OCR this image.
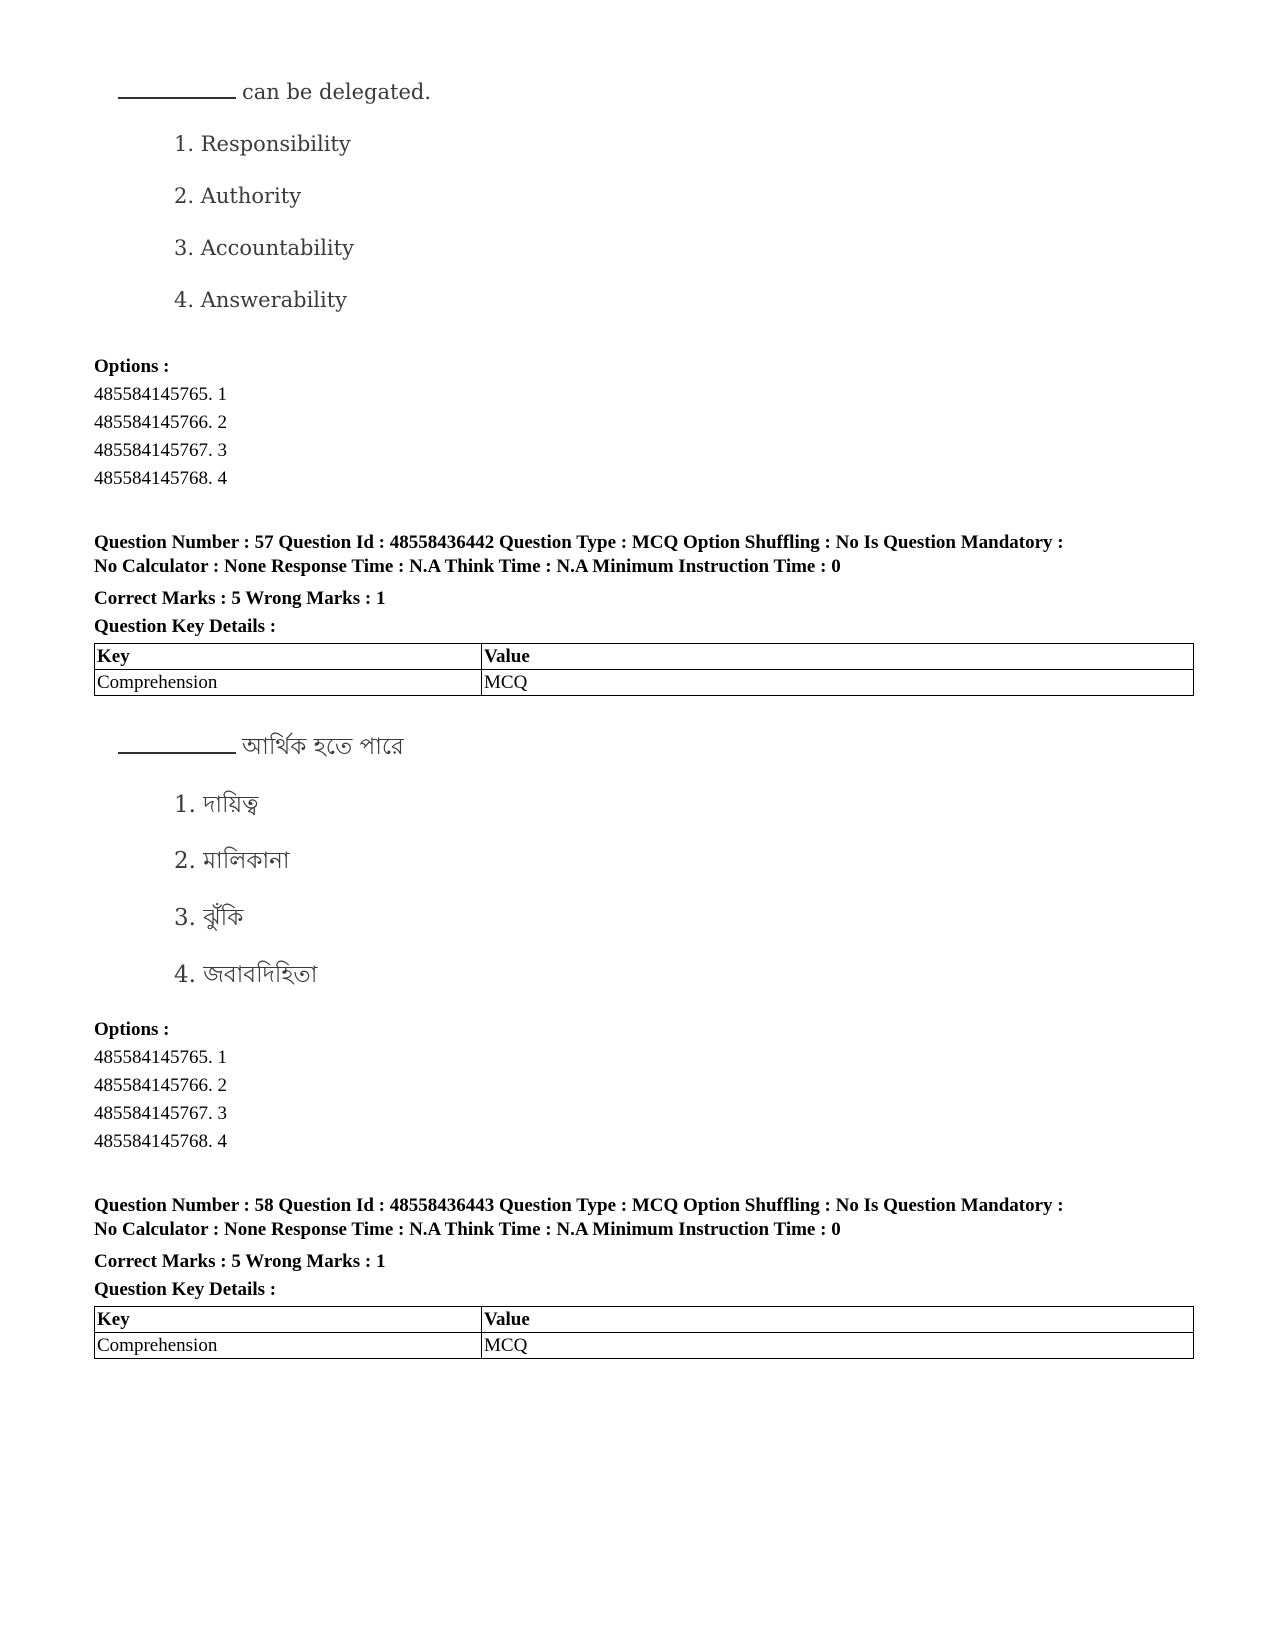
can be delegated.
1. Responsibility
2. Authority
3. Accountability
4. Answerability
Options :
485584145765. 1
485584145766. 2
485584145767. 3
485584145768. 4
Question Number : 57 Question Id : 48558436442 Question Type : MCQ Option Shuffling : No Is Question Mandatory :
No Calculator : None Response Time : N.A Think Time : N.A Minimum Instruction Time : 0
Correct Marks : 5 Wrong Marks : 1
Question Key Details :
Key	Value
Comprehension	MCQ
আর্থিক হতে পারে
1. দায়িত্ব
2. মালিকানা
3. ঝুঁকি
4. জবাবদিহিতা
Options :
485584145765. 1
485584145766. 2
485584145767. 3
485584145768. 4
Question Number : 58 Question Id : 48558436443 Question Type : MCQ Option Shuffling : No Is Question Mandatory :
No Calculator : None Response Time : N.A Think Time : N.A Minimum Instruction Time : 0
Correct Marks : 5 Wrong Marks : 1
Question Key Details :
Key	Value
Comprehension	MCQ
